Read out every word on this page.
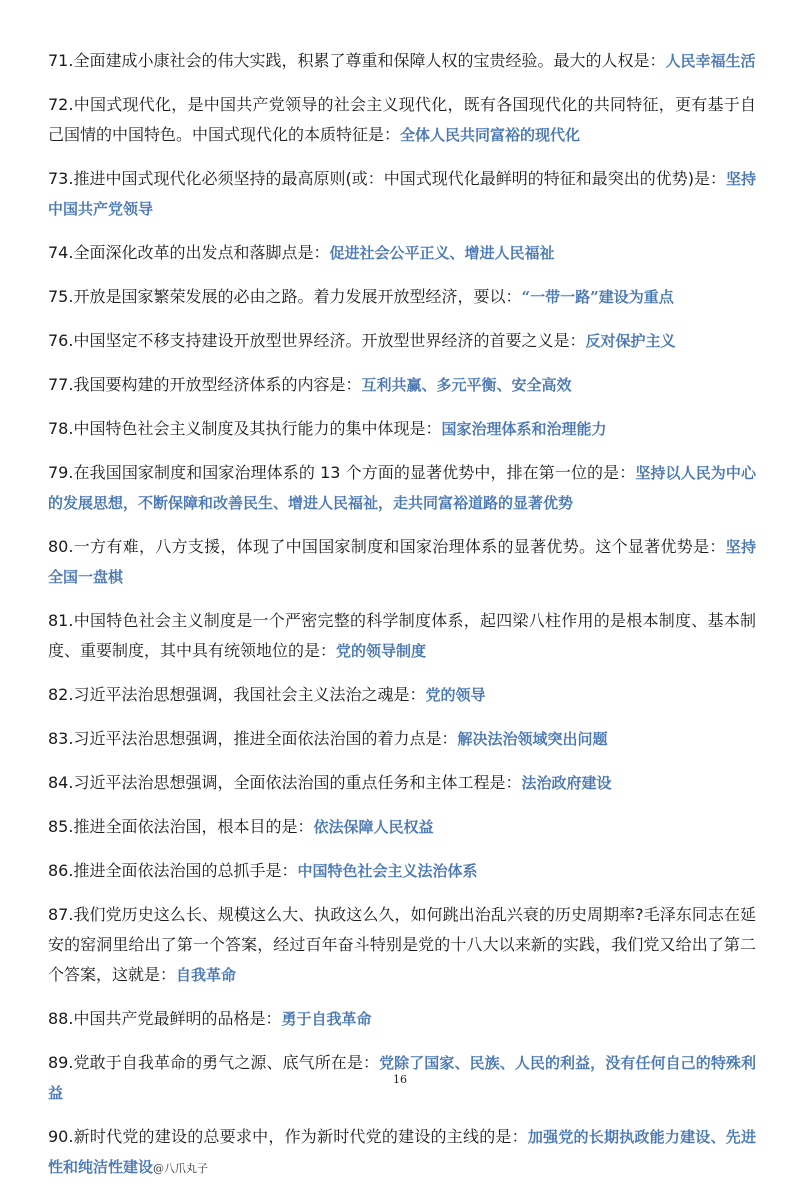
71.全面建成小康社会的伟大实践，积累了尊重和保障人权的宝贵经验。最大的人权是：人民幸福生活

72.中国式现代化，是中国共产党领导的社会主义现代化，既有各国现代化的共同特征，更有基于自己国情的中国特色。中国式现代化的本质特征是：全体人民共同富裕的现代化

73.推进中国式现代化必须坚持的最高原则(或：中国式现代化最鲜明的特征和最突出的优势)是：坚持中国共产党领导

74.全面深化改革的出发点和落脚点是：促进社会公平正义、增进人民福祉

75.开放是国家繁荣发展的必由之路。着力发展开放型经济，要以：“一带一路”建设为重点

76.中国坚定不移支持建设开放型世界经济。开放型世界经济的首要之义是：反对保护主义

77.我国要构建的开放型经济体系的内容是：互利共赢、多元平衡、安全高效

78.中国特色社会主义制度及其执行能力的集中体现是：国家治理体系和治理能力

79.在我国国家制度和国家治理体系的 13 个方面的显著优势中，排在第一位的是：坚持以人民为中心的发展思想，不断保障和改善民生、增进人民福祉，走共同富裕道路的显著优势

80.一方有难，八方支援，体现了中国国家制度和国家治理体系的显著优势。这个显著优势是：坚持全国一盘棋

81.中国特色社会主义制度是一个严密完整的科学制度体系，起四梁八柱作用的是根本制度、基本制度、重要制度，其中具有统领地位的是：党的领导制度

82.习近平法治思想强调，我国社会主义法治之魂是：党的领导

83.习近平法治思想强调，推进全面依法治国的着力点是：解决法治领域突出问题

84.习近平法治思想强调，全面依法治国的重点任务和主体工程是：法治政府建设

85.推进全面依法治国，根本目的是：依法保障人民权益

86.推进全面依法治国的总抓手是：中国特色社会主义法治体系

87.我们党历史这么长、规模这么大、执政这么久，如何跳出治乱兴衰的历史周期率?毛泽东同志在延安的窑洞里给出了第一个答案，经过百年奋斗特别是党的十八大以来新的实践，我们党又给出了第二个答案，这就是：自我革命

88.中国共产党最鲜明的品格是：勇于自我革命

89.党敢于自我革命的勇气之源、底气所在是：党除了国家、民族、人民的利益，没有任何自己的特殊利益

90.新时代党的建设的总要求中，作为新时代党的建设的主线的是：加强党的长期执政能力建设、先进性和纯洁性建设@八爪丸子

16
